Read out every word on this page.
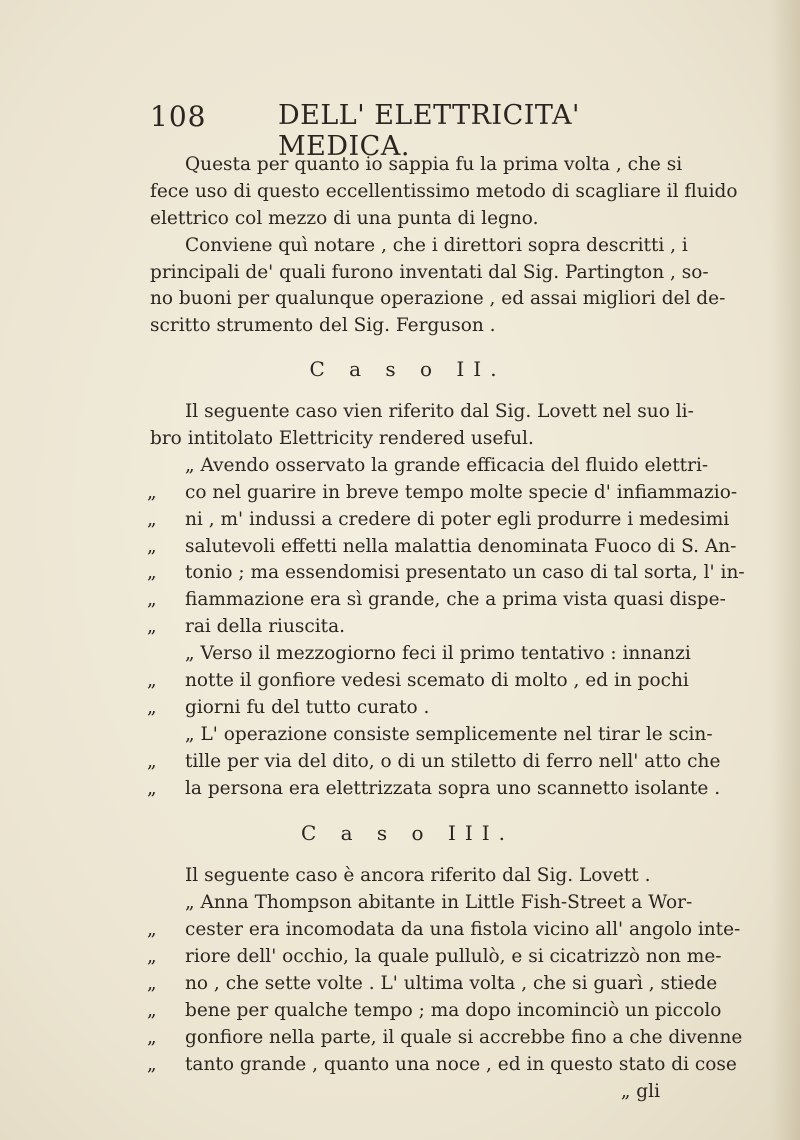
108	DELL' ELETTRICITA' MEDICA.
Questa per quanto io sappia fu la prima volta , che si
fece uso di questo eccellentissimo metodo di scagliare il fluido
elettrico col mezzo di una punta di legno.
Conviene quì notare , che i direttori sopra descritti , i
principali de' quali furono inventati dal Sig. Partington , so-
no buoni per qualunque operazione , ed assai migliori del de-
scritto strumento del Sig. Ferguson .
C a s o II.
Il seguente caso vien riferito dal Sig. Lovett nel suo li-
bro intitolato Elettricity rendered useful.
„ Avendo osservato la grande efficacia del fluido elettri-
„	co nel guarire in breve tempo molte specie d' infiammazio-
„	ni , m' indussi a credere di poter egli produrre i medesimi
„	salutevoli effetti nella malattia denominata Fuoco di S. An-
„	tonio ; ma essendomisi presentato un caso di tal sorta, l' in-
„	fiammazione era sì grande, che a prima vista quasi dispe-
„	rai della riuscita.
„ Verso il mezzogiorno feci il primo tentativo : innanzi
„	notte il gonfiore vedesi scemato di molto , ed in pochi
„	giorni fu del tutto curato .
„ L' operazione consiste semplicemente nel tirar le scin-
„	tille per via del dito, o di un stiletto di ferro nell' atto che
„	la persona era elettrizzata sopra uno scannetto isolante .
C a s o III.
Il seguente caso è ancora riferito dal Sig. Lovett .
„ Anna Thompson abitante in Little Fish-Street a Wor-
„	cester era incomodata da una fistola vicino all' angolo inte-
„	riore dell' occhio, la quale pullulò, e si cicatrizzò non me-
„	no , che sette volte . L' ultima volta , che si guarì , stiede
„	bene per qualche tempo ; ma dopo incominciò un piccolo
„	gonfiore nella parte, il quale si accrebbe fino a che divenne
„	tanto grande , quanto una noce , ed in questo stato di cose
„ gli
